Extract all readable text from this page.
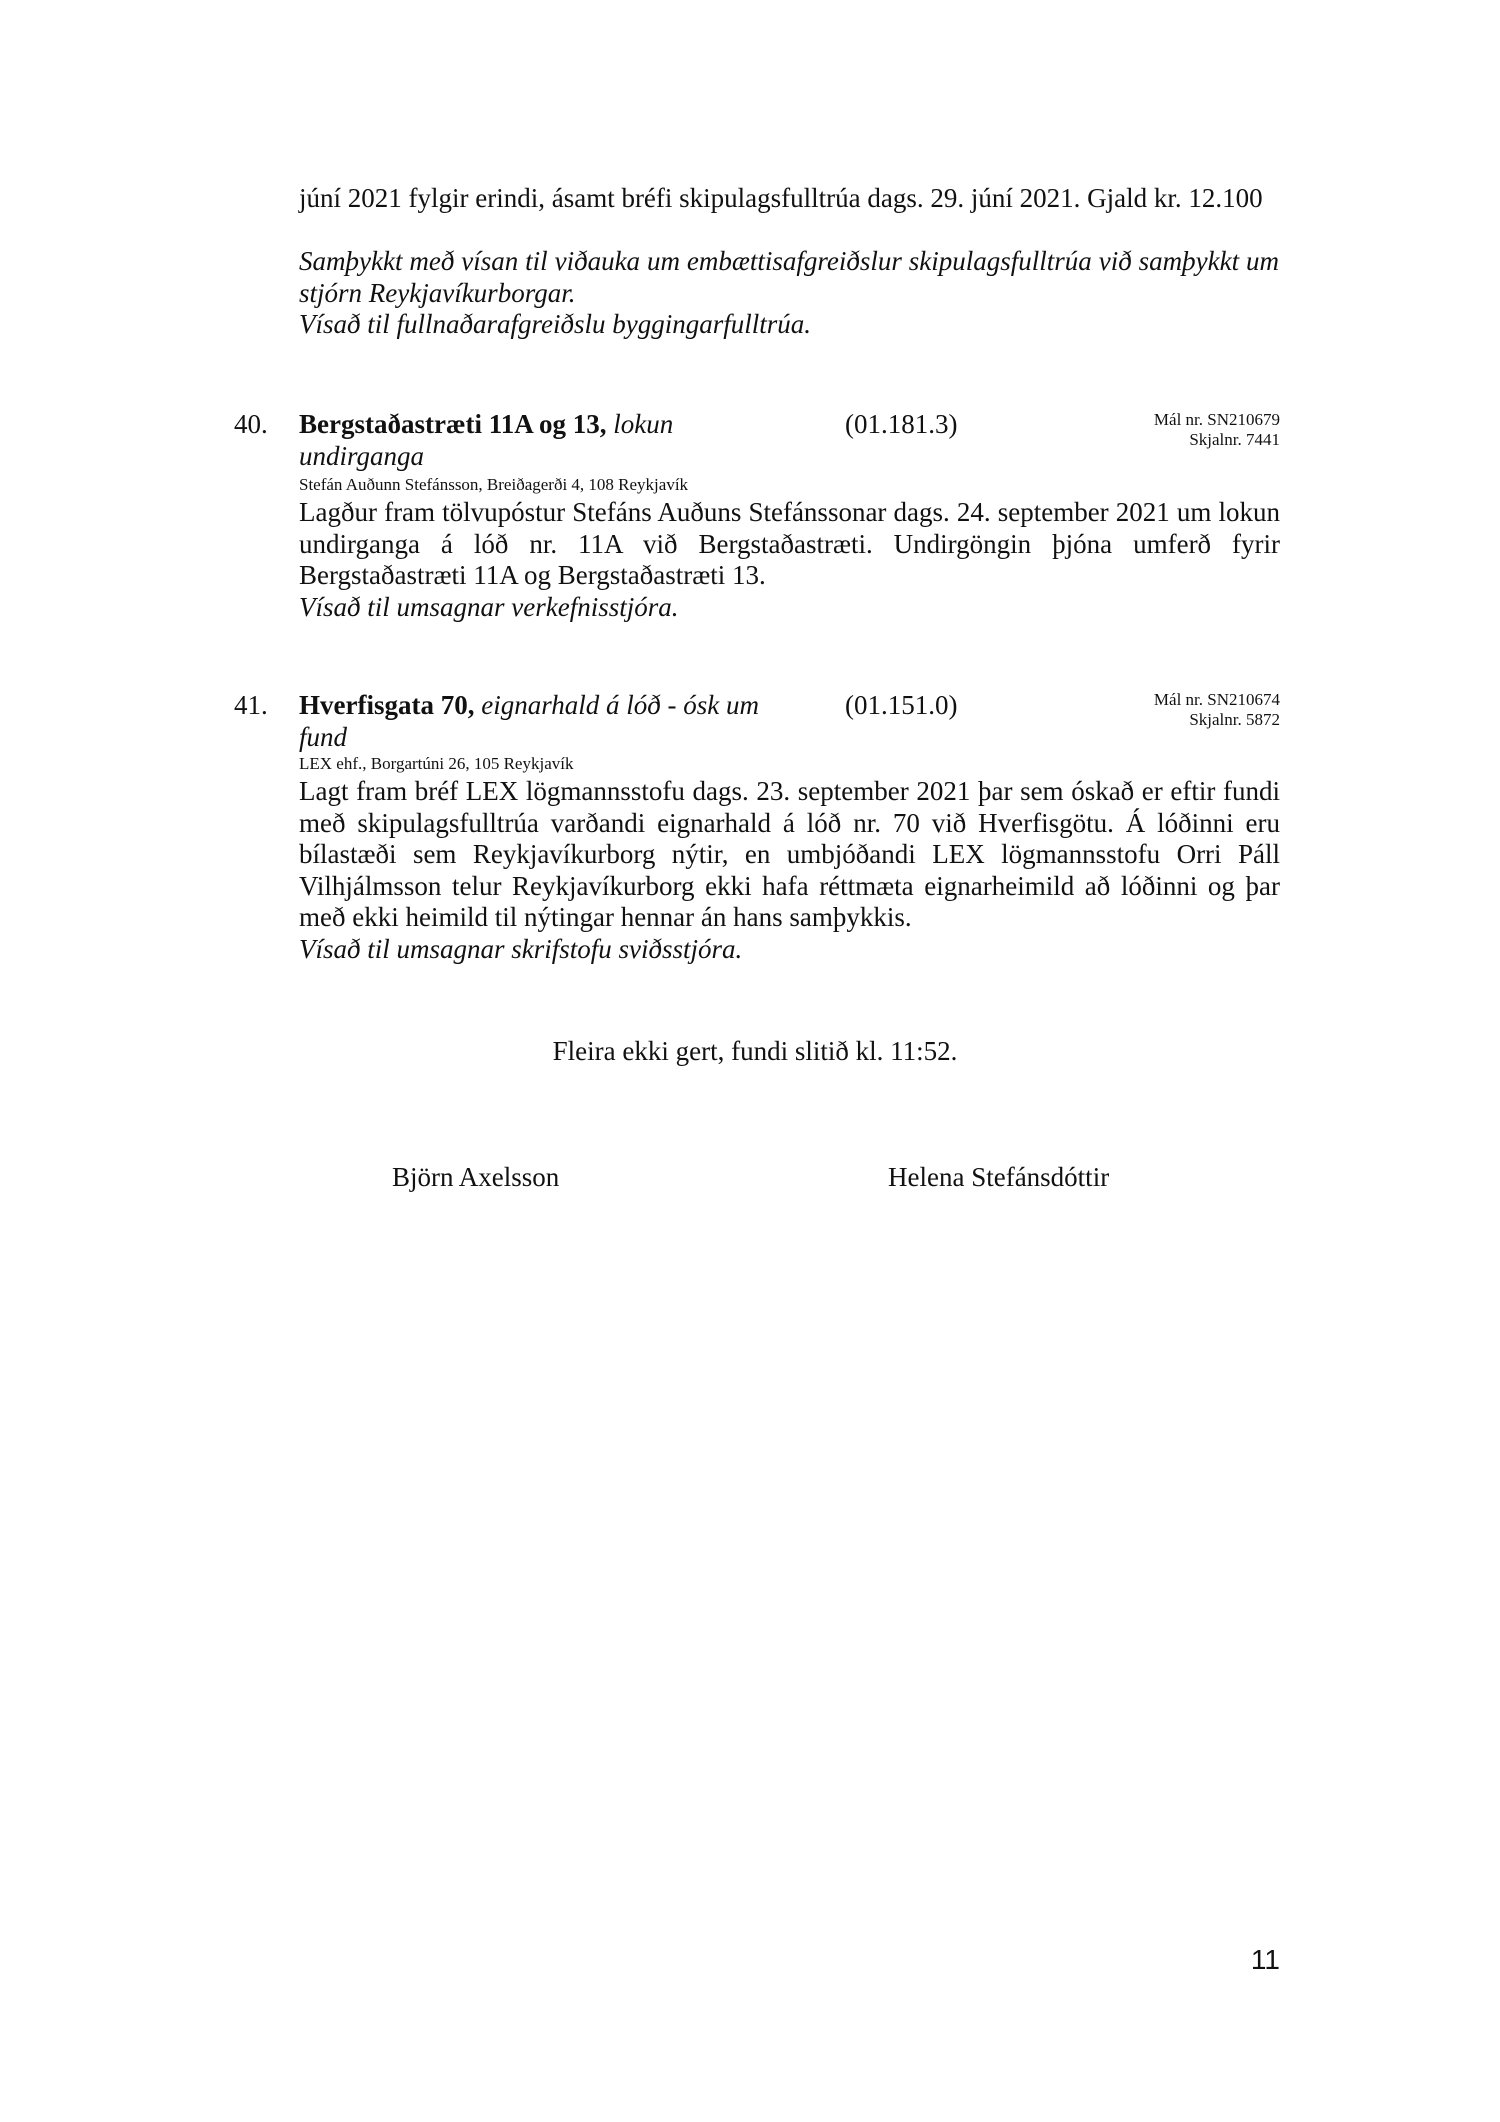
júní 2021 fylgir erindi, ásamt bréfi skipulagsfulltrúa dags. 29. júní 2021. Gjald kr. 12.100
Samþykkt með vísan til viðauka um embættisafgreiðslur skipulagsfulltrúa við samþykkt um stjórn Reykjavíkurborgar.
Vísað til fullnaðarafgreiðslu byggingarfulltrúa.
40. Bergstaðastræti 11A og 13, lokun
undirganga
(01.181.3)	Mál nr. SN210679
Skjalnr. 7441
Stefán Auðunn Stefánsson, Breiðagerði 4, 108 Reykjavík
Lagður fram tölvupóstur Stefáns Auðuns Stefánssonar dags. 24. september 2021 um lokun undirganga á lóð nr. 11A við Bergstaðastræti. Undirgöngin þjóna umferð fyrir Bergstaðastræti 11A og Bergstaðastræti 13.
Vísað til umsagnar verkefnisstjóra.
41. Hverfisgata 70, eignarhald á lóð - ósk um
fund
(01.151.0)	Mál nr. SN210674
Skjalnr. 5872
LEX ehf., Borgartúni 26, 105 Reykjavík
Lagt fram bréf LEX lögmannsstofu dags. 23. september 2021 þar sem óskað er eftir fundi með skipulagsfulltrúa varðandi eignarhald á lóð nr. 70 við Hverfisgötu. Á lóðinni eru bílastæði sem Reykjavíkurborg nýtir, en umbjóðandi LEX lögmannsstofu Orri Páll Vilhjálmsson telur Reykjavíkurborg ekki hafa réttmæta eignarheimild að lóðinni og þar með ekki heimild til nýtingar hennar án hans samþykkis.
Vísað til umsagnar skrifstofu sviðsstjóra.
Fleira ekki gert, fundi slitið kl. 11:52.
Björn Axelsson	Helena Stefánsdóttir
11
